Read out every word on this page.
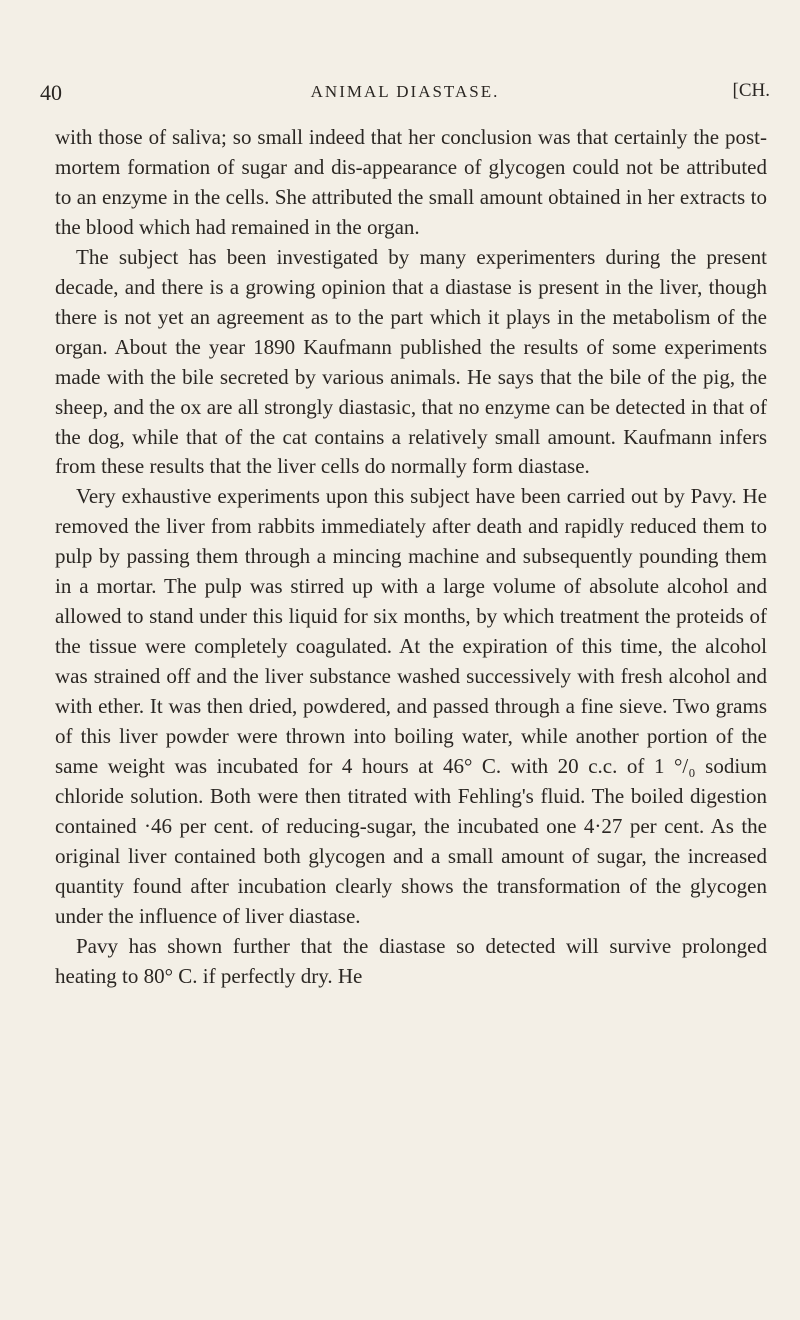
40	ANIMAL DIASTASE.	[CH.

with those of saliva; so small indeed that her conclusion was that certainly the post-mortem formation of sugar and dis-appearance of glycogen could not be attributed to an enzyme in the cells. She attributed the small amount obtained in her extracts to the blood which had remained in the organ.

The subject has been investigated by many experimenters during the present decade, and there is a growing opinion that a diastase is present in the liver, though there is not yet an agreement as to the part which it plays in the metabolism of the organ. About the year 1890 Kaufmann published the results of some experiments made with the bile secreted by various animals. He says that the bile of the pig, the sheep, and the ox are all strongly diastasic, that no enzyme can be detected in that of the dog, while that of the cat contains a relatively small amount. Kaufmann infers from these results that the liver cells do normally form diastase.

Very exhaustive experiments upon this subject have been carried out by Pavy. He removed the liver from rabbits immediately after death and rapidly reduced them to pulp by passing them through a mincing machine and subsequently pounding them in a mortar. The pulp was stirred up with a large volume of absolute alcohol and allowed to stand under this liquid for six months, by which treatment the proteids of the tissue were completely coagulated. At the expiration of this time, the alcohol was strained off and the liver substance washed successively with fresh alcohol and with ether. It was then dried, powdered, and passed through a fine sieve. Two grams of this liver powder were thrown into boiling water, while another portion of the same weight was incubated for 4 hours at 46° C. with 20 c.c. of 1 °/₀ sodium chloride solution. Both were then titrated with Fehling's fluid. The boiled digestion contained ·46 per cent. of reducing-sugar, the incubated one 4·27 per cent. As the original liver contained both glycogen and a small amount of sugar, the increased quantity found after incubation clearly shows the transformation of the glycogen under the influence of liver diastase.

Pavy has shown further that the diastase so detected will survive prolonged heating to 80° C. if perfectly dry. He
